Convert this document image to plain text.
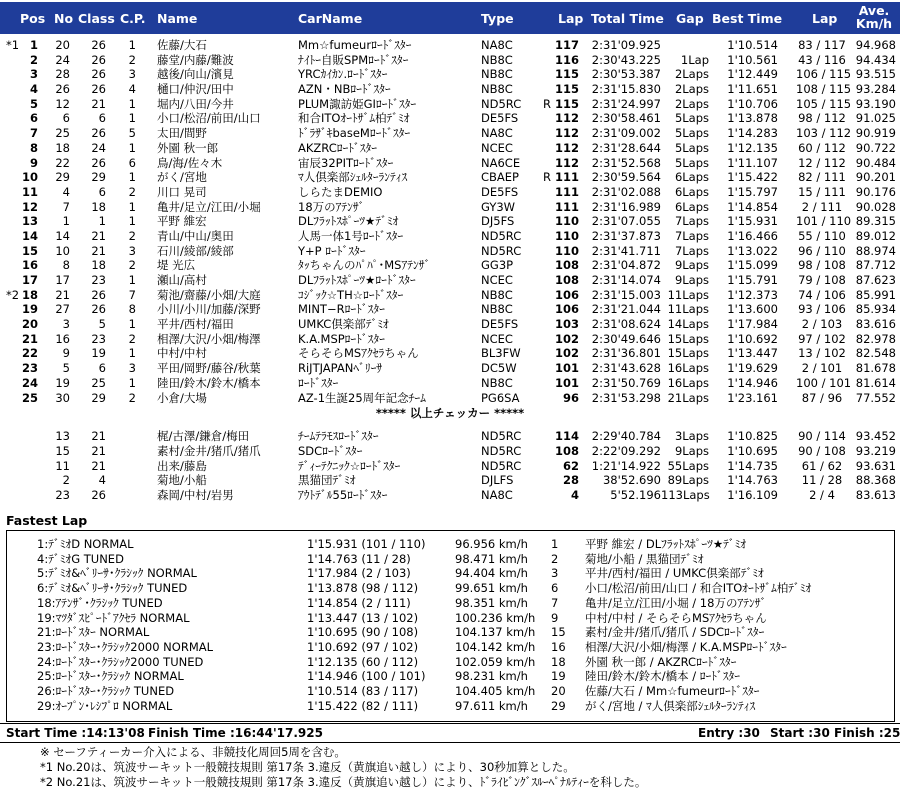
Pos No Class C.P. Name	CarName	Type	Lap Total Time Gap Best Time Lap
Ave.
Km/h
*1 1	20	26	1 佐藤/大石	Mm☆fumeurﾛｰﾄﾞｽﾀｰ	NA8C	117	2:31'09.925	1'10.514 83 / 117 94.968
2	24	26	2 藤堂/内藤/難波	ﾅｲﾄｰ自販SPMﾛｰﾄﾞｽﾀｰ	NB8C	116	2:30'43.225	1Lap	1'10.561 43 / 116 94.434
3	28	26	3 越後/向山/濱見	YRCｶｲｶﾝ.ﾛｰﾄﾞｽﾀｰ	NB8C	115	2:30'53.387	2Laps	1'12.449 106 / 115 93.515
4	26	26	4 樋口/仲沢/田中	AZN・NBﾛｰﾄﾞｽﾀｰ	NB8C	115	2:31'15.830	2Laps	1'11.651 108 / 115 93.284
5	12	21	1 堀内/八田/今井	PLUM諏訪姫GIﾛｰﾄﾞｽﾀｰ	ND5RC	R 115	2:31'24.997	2Laps	1'10.706 105 / 115 93.190
6	6	6	1 小口/松沼/前田/山口	和合ITOｵｰﾄｻﾞﾑ柏ﾃﾞﾐｵ	DE5FS	112	2:30'58.461	5Laps	1'13.878 98 / 112 91.025
7	25	26	5 太田/間野	ﾄﾞﾗｻﾞｷbaseMﾛｰﾄﾞｽﾀｰ	NA8C	112	2:31'09.002	5Laps	1'14.283 103 / 112 90.919
8	18	24	1 外園 秋一郎	AKZRCﾛｰﾄﾞｽﾀｰ	NCEC	112	2:31'28.644	5Laps	1'12.135 60 / 112 90.722
9	22	26	6 鳥/海/佐々木	宙辰32PITﾛｰﾄﾞｽﾀｰ	NA6CE	112	2:31'52.568	5Laps	1'11.107 12 / 112 90.484
10	29	29	1 がく/宮地	ﾏ人倶楽部ｼｪﾙﾀｰﾗﾝﾃｨｽ	CBAEP	R 111	2:30'59.564	6Laps	1'15.422 82 / 111 90.201
11	4	6	2 川口 晃司	しらたまDEMIO	DE5FS	111	2:31'02.088	6Laps	1'15.797 15 / 111 90.176
12	7	18	1 亀井/足立/江田/小堀	18万のｱﾃﾝｻﾞ	GY3W	111	2:31'16.989	6Laps	1'14.854	2 / 111	90.028
13	1	1	1 平野 維宏	DLﾌﾗｯﾄｽﾎﾟｰﾂ★ﾃﾞﾐｵ	DJ5FS	110	2:31'07.055	7Laps	1'15.931 101 / 110 89.315
14	14	21	2 青山/中山/奥田	人馬一体1号ﾛｰﾄﾞｽﾀｰ	ND5RC	110	2:31'37.873	7Laps	1'16.466 55 / 110 89.012
15	10	21	3 石川/綾部/綾部	Y+P ﾛｰﾄﾞｽﾀｰ	ND5RC	110	2:31'41.711	7Laps	1'13.022 96 / 110 88.974
16	8	18	2 堤 光広	ﾀｯちゃんのﾊﾟﾊﾟ･MSｱﾃﾝｻﾞ	GG3P	108	2:31'04.872	9Laps	1'15.099 98 / 108 87.712
17	17	23	1 瀬山/高村	DLﾌﾗｯﾄｽﾎﾟｰﾂ★ﾛｰﾄﾞｽﾀｰ	NCEC	108	2:31'14.074	9Laps	1'15.791 79 / 108 87.623
*2 18	21	26	7 菊池/齋藤/小畑/大庭	ｺｼﾞｯｸ☆TH☆ﾛｰﾄﾞｽﾀｰ	NB8C	106	2:31'15.003 11Laps	1'12.373 74 / 106 85.991
19	27	26	8 小川/小川/加藤/深野	MINT−Rﾛｰﾄﾞｽﾀｰ	NB8C	106	2:31'21.044 11Laps	1'13.600 93 / 106 85.934
20	3	5	1 平井/西村/福田	UMKC倶楽部ﾃﾞﾐｵ	DE5FS	103	2:31'08.624 14Laps	1'17.984	2 / 103	83.616
21	16	23	2 相澤/大沢/小畑/梅澤	K.A.MSPﾛｰﾄﾞｽﾀｰ	NCEC	102	2:30'49.646 15Laps	1'10.692 97 / 102 82.978
22	9	19	1 中村/中村	そらそらMSｱｸｾﾗちゃん	BL3FW	102	2:31'36.801 15Laps	1'13.447 13 / 102 82.548
23	5	6	3 平田/岡野/藤谷/秋葉	RiJTJAPANﾍﾞﾘｰｻ	DC5W	101	2:31'43.628 16Laps	1'19.629	2 / 101	81.678
24	19	25	1 陸田/鈴木/鈴木/橋本	ﾛｰﾄﾞｽﾀｰ	NB8C	101	2:31'50.769 16Laps	1'14.946 100 / 101 81.614
25	30	29	2 小倉/大場	AZ-1生誕25周年記念ﾁｰﾑ	PG6SA	96	2:31'53.298 21Laps	1'23.161	87 / 96	77.552
***** 以上チェッカー *****
13	21	梶/古澤/鎌倉/梅田	ﾁｰﾑﾃﾗﾓｽﾛｰﾄﾞｽﾀｰ	ND5RC	114	2:29'40.784	3Laps	1'10.825 90 / 114 93.452
15	21	素村/金井/猪爪/猪爪	SDCﾛｰﾄﾞｽﾀｰ	ND5RC	108	2:22'09.292	9Laps	1'10.695 90 / 108 93.219
11	21	出来/藤島	ﾃﾞｨｰﾃｸﾆｯｸ☆ﾛｰﾄﾞｽﾀｰ	ND5RC	62	1:21'14.922 55Laps	1'14.735	61 / 62	93.631
2	4	菊地/小船	黒猫団ﾃﾞﾐｵ	DJLFS	28	38'52.690 89Laps	1'14.763	11 / 28	88.368
23	26	森岡/中村/岩男	ｱｳﾄﾃﾞﾙ55ﾛｰﾄﾞｽﾀｰ	NA8C	4	5'52.196 113Laps	1'16.109	2 / 4	83.613
Fastest Lap
1:ﾃﾞﾐｵD NORMAL	1'15.931 (101 / 110)	96.956 km/h 1 平野 維宏 / DLﾌﾗｯﾄｽﾎﾟｰﾂ★ﾃﾞﾐｵ
4:ﾃﾞﾐｵG TUNED	1'14.763 (11 / 28)	98.471 km/h 2 菊地/小船 / 黒猫団ﾃﾞﾐｵ
5:ﾃﾞﾐｵ&ﾍﾞﾘｰｻ･ｸﾗｼｯｸ NORMAL	1'17.984 (2 / 103)	94.404 km/h 3 平井/西村/福田 / UMKC倶楽部ﾃﾞﾐｵ
6:ﾃﾞﾐｵ&ﾍﾞﾘｰｻ･ｸﾗｼｯｸ TUNED	1'13.878 (98 / 112)	99.651 km/h 6 小口/松沼/前田/山口 / 和合ITOｵｰﾄｻﾞﾑ柏ﾃﾞﾐｵ
18:ｱﾃﾝｻﾞ･ｸﾗｼｯｸ TUNED	1'14.854 (2 / 111)	98.351 km/h 7 亀井/足立/江田/小堀 / 18万のｱﾃﾝｻﾞ
19:ﾏﾂﾀﾞｽﾋﾟｰﾄﾞｱｸｾﾗ NORMAL	1'13.447 (13 / 102)	100.236 km/h 9 中村/中村 / そらそらMSｱｸｾﾗちゃん
21:ﾛｰﾄﾞｽﾀｰ NORMAL	1'10.695 (90 / 108)	104.137 km/h 15 素村/金井/猪爪/猪爪 / SDCﾛｰﾄﾞｽﾀｰ
23:ﾛｰﾄﾞｽﾀｰ･ｸﾗｼｯｸ2000 NORMAL	1'10.692 (97 / 102)	104.142 km/h 16 相澤/大沢/小畑/梅澤 / K.A.MSPﾛｰﾄﾞｽﾀｰ
24:ﾛｰﾄﾞｽﾀｰ･ｸﾗｼｯｸ2000 TUNED	1'12.135 (60 / 112)	102.059 km/h 18 外園 秋一郎 / AKZRCﾛｰﾄﾞｽﾀｰ
25:ﾛｰﾄﾞｽﾀｰ･ｸﾗｼｯｸ NORMAL	1'14.946 (100 / 101)	98.231 km/h 19 陸田/鈴木/鈴木/橋本 / ﾛｰﾄﾞｽﾀｰ
26:ﾛｰﾄﾞｽﾀｰ･ｸﾗｼｯｸ TUNED	1'10.514 (83 / 117)	104.405 km/h 20 佐藤/大石 / Mm☆fumeurﾛｰﾄﾞｽﾀｰ
29:ｵｰﾌﾟﾝ･ﾚｼﾌﾟﾛ NORMAL	1'15.422 (82 / 111)	97.611 km/h 29 がく/宮地 / ﾏ人倶楽部ｼｪﾙﾀｰﾗﾝﾃｨｽ
Start Time :14:13'08 Finish Time :16:44'17.925	Entry :30 Start :30 Finish :25
※ セーフティーカー介入による、非競技化周回5周を含む。
*1 No.20は、筑波サーキット一般競技規則 第17条 3.違反（黄旗追い越し）により、30秒加算とした。
*2 No.21は、筑波サーキット一般競技規則 第17条 3.違反（黄旗追い越し）により、ﾄﾞﾗｲﾋﾞﾝｸﾞｽﾙｰﾍﾟﾅﾙﾃｨｰを科した。
